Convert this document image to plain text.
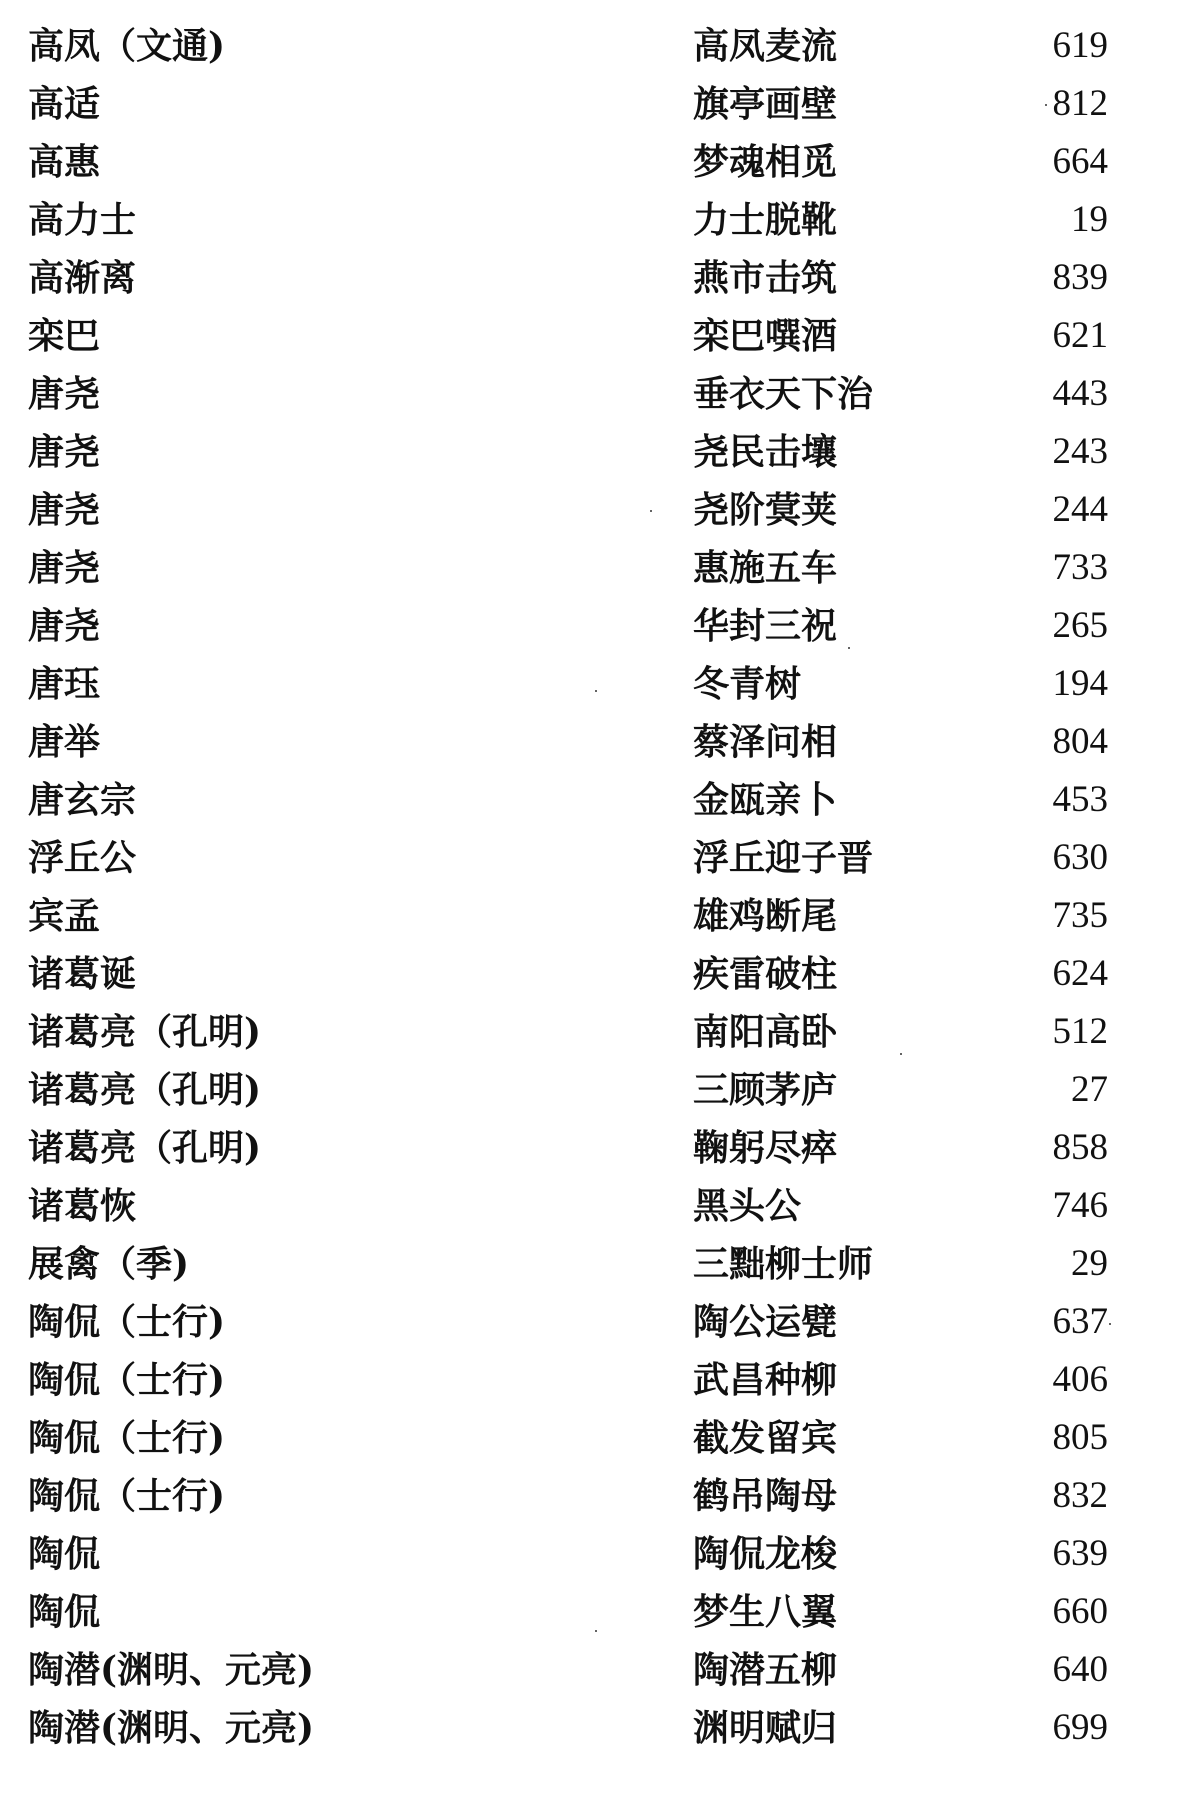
高凤（文通)	高凤麦流	619
高适	旗亭画壁	812
高惠	梦魂相觅	664
高力士	力士脱靴	19
高渐离	燕市击筑	839
栾巴	栾巴噀酒	621
唐尧	垂衣天下治	443
唐尧	尧民击壤	243
唐尧	尧阶蓂荚	244
唐尧	惠施五车	733
唐尧	华封三祝	265
唐珏	冬青树	194
唐举	蔡泽问相	804
唐玄宗	金瓯亲卜	453
浮丘公	浮丘迎子晋	630
宾孟	雄鸡断尾	735
诸葛诞	疾雷破柱	624
诸葛亮（孔明)	南阳高卧	512
诸葛亮（孔明)	三顾茅庐	27
诸葛亮（孔明)	鞠躬尽瘁	858
诸葛恢	黑头公	746
展禽（季)	三黜柳士师	29
陶侃（士行)	陶公运甓	637
陶侃（士行)	武昌种柳	406
陶侃（士行)	截发留宾	805
陶侃（士行)	鹤吊陶母	832
陶侃	陶侃龙梭	639
陶侃	梦生八翼	660
陶潜(渊明、元亮)	陶潜五柳	640
陶潜(渊明、元亮)	渊明赋归	699
